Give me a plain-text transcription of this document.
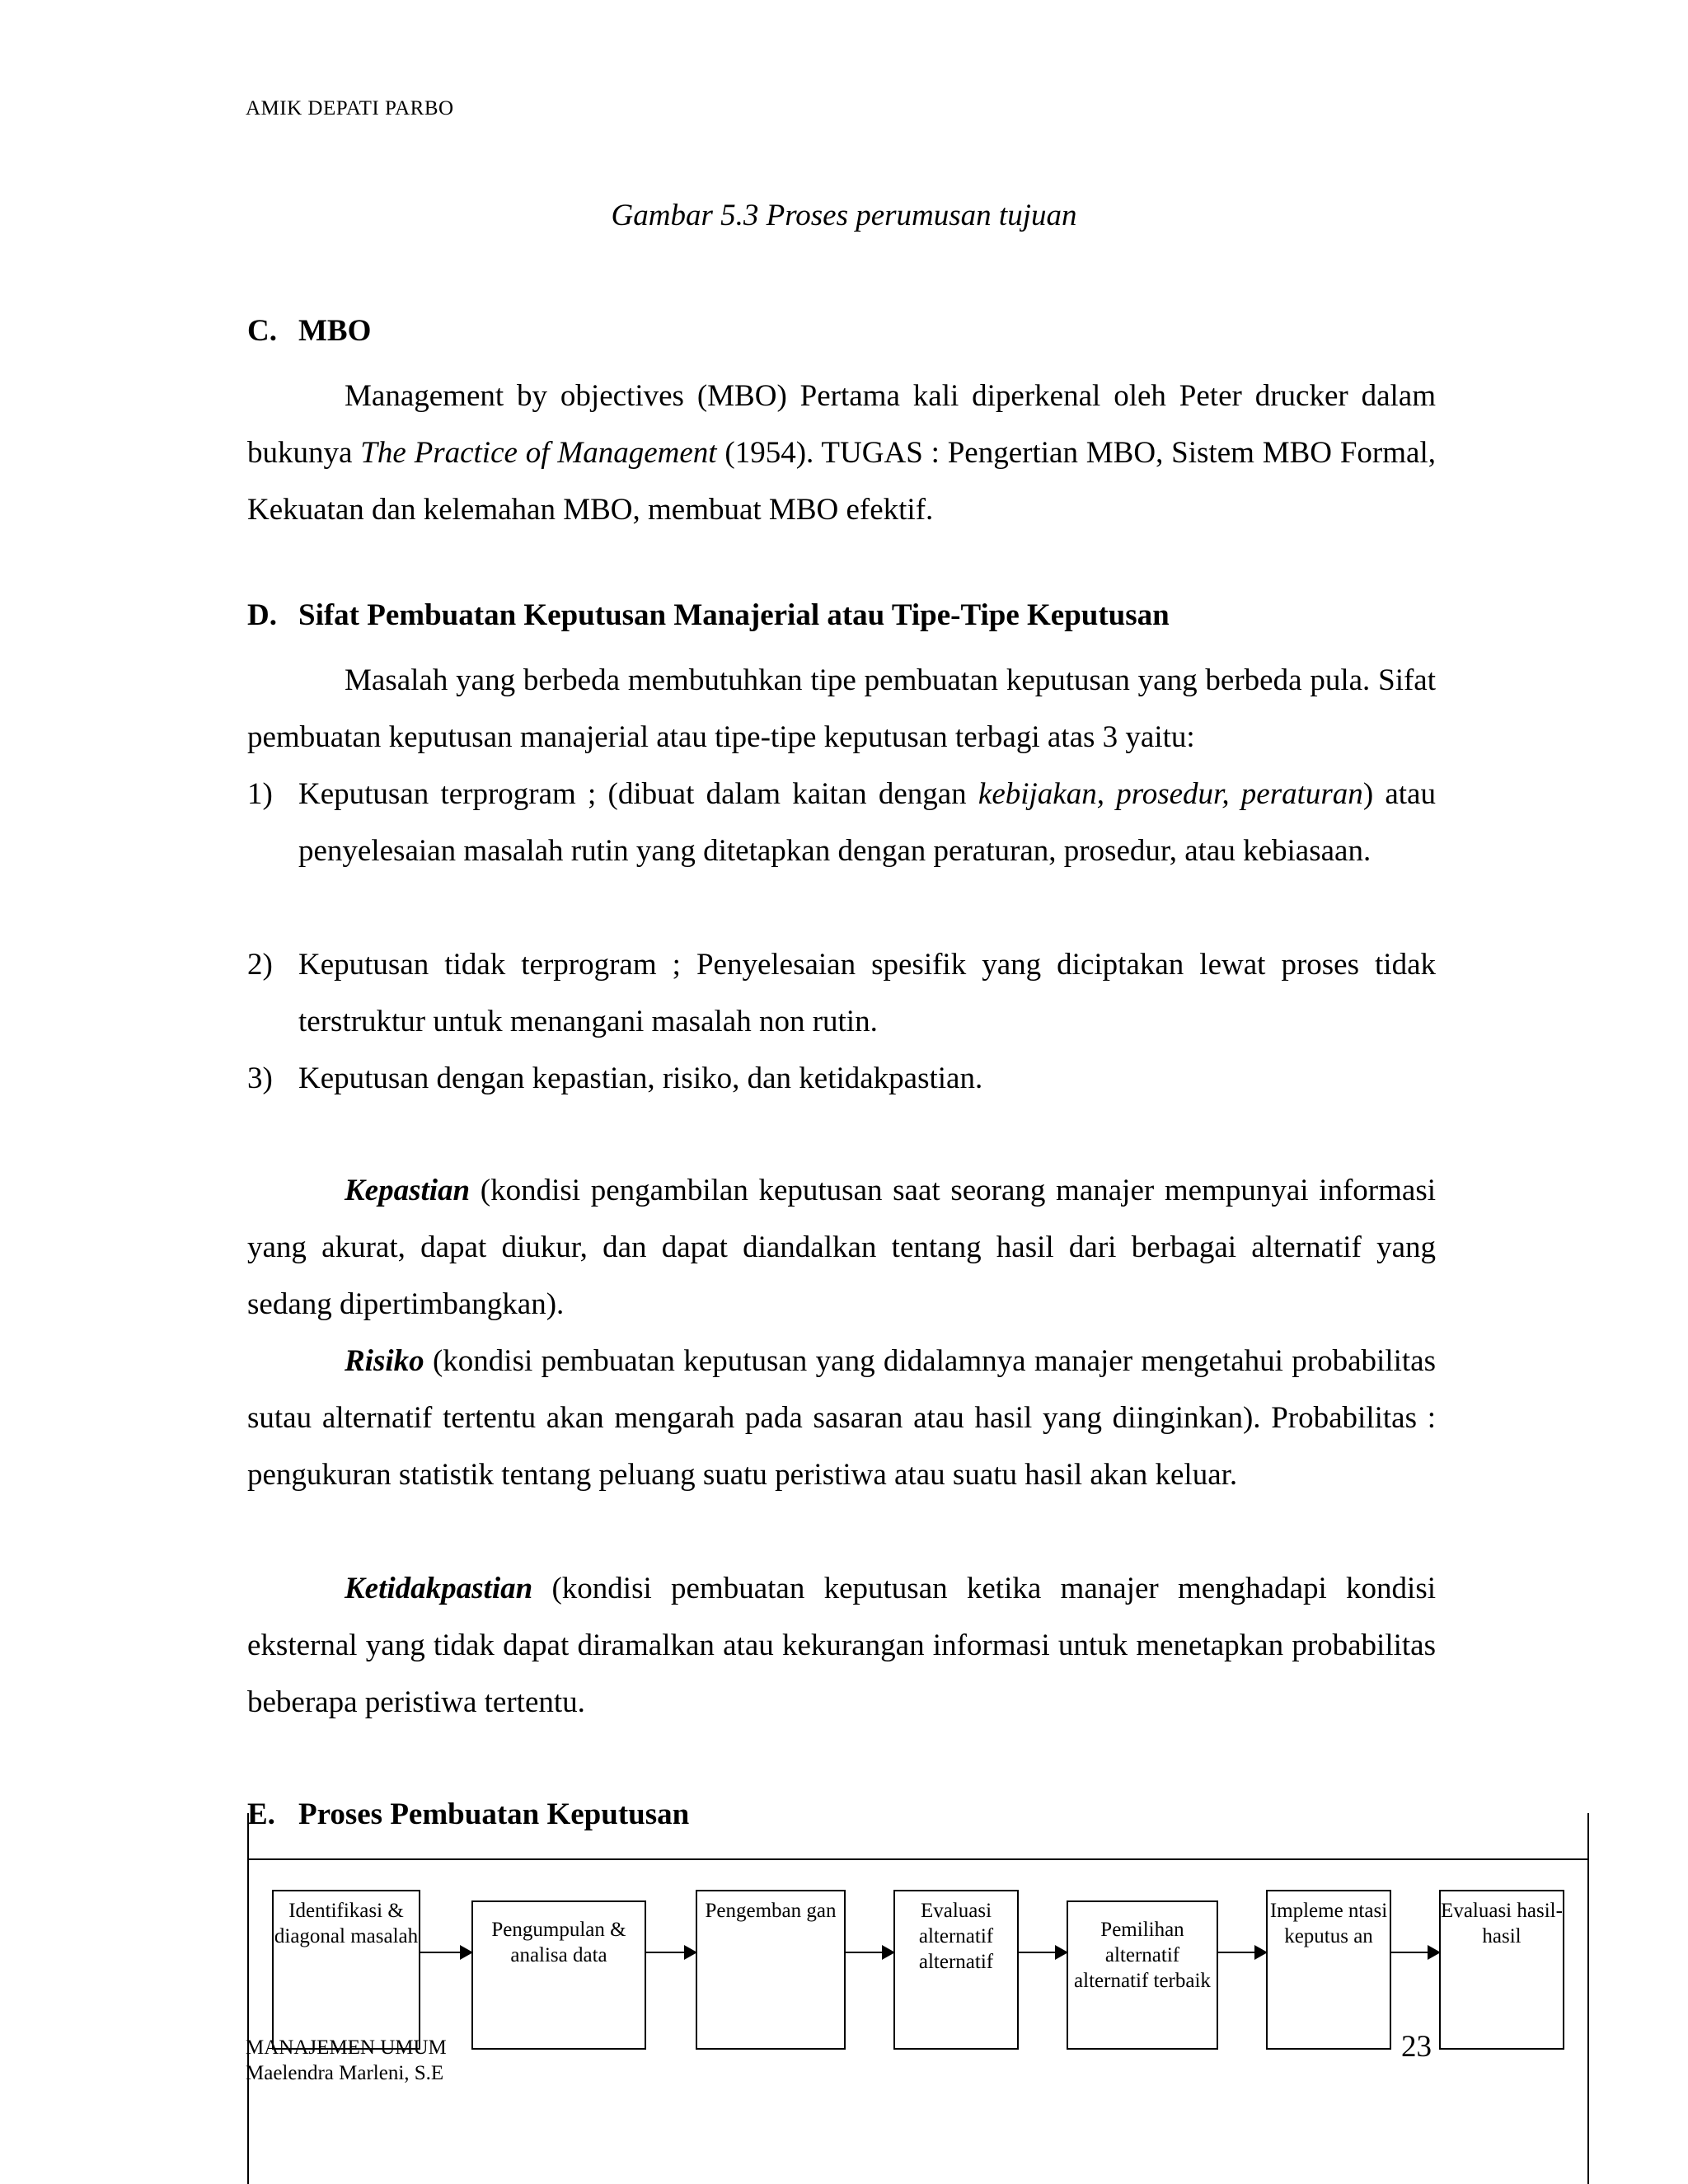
AMIK DEPATI PARBO
Gambar 5.3 Proses perumusan tujuan
C. MBO
Management by objectives (MBO) Pertama kali diperkenal oleh Peter drucker dalam bukunya The Practice of Management (1954). TUGAS : Pengertian MBO, Sistem MBO Formal, Kekuatan dan kelemahan MBO, membuat MBO efektif.
D. Sifat Pembuatan Keputusan Manajerial atau Tipe-Tipe Keputusan
Masalah yang berbeda membutuhkan tipe pembuatan keputusan yang berbeda pula. Sifat pembuatan keputusan manajerial atau tipe-tipe keputusan terbagi atas 3 yaitu:
1) Keputusan terprogram ; (dibuat dalam kaitan dengan kebijakan, prosedur, peraturan) atau penyelesaian masalah rutin yang ditetapkan dengan peraturan, prosedur, atau kebiasaan.
2) Keputusan tidak terprogram ; Penyelesaian spesifik yang diciptakan lewat proses tidak terstruktur untuk menangani masalah non rutin.
3) Keputusan dengan kepastian, risiko, dan ketidakpastian.
Kepastian (kondisi pengambilan keputusan saat seorang manajer mempunyai informasi yang akurat, dapat diukur, dan dapat diandalkan tentang hasil dari berbagai alternatif yang sedang dipertimbangkan).
Risiko (kondisi pembuatan keputusan yang didalamnya manajer mengetahui probabilitas sutau alternatif tertentu akan mengarah pada sasaran atau hasil yang diinginkan). Probabilitas : pengukuran statistik tentang peluang suatu peristiwa atau suatu hasil akan keluar.
Ketidakpastian (kondisi pembuatan keputusan ketika manajer menghadapi kondisi eksternal yang tidak dapat diramalkan atau kekurangan informasi untuk menetapkan probabilitas beberapa peristiwa tertentu.
E. Proses Pembuatan Keputusan
Identifikasi & diagonal masalah	Pengumpulan & analisa data
Pengemban gan	Evaluasi alternatif alternatif
Pemilihan alternatif alternatif terbaik
Impleme ntasi keputus an
Evaluasi hasil-hasil
MANAJEMEN UMUM
Maelendra Marleni, S.E
23
